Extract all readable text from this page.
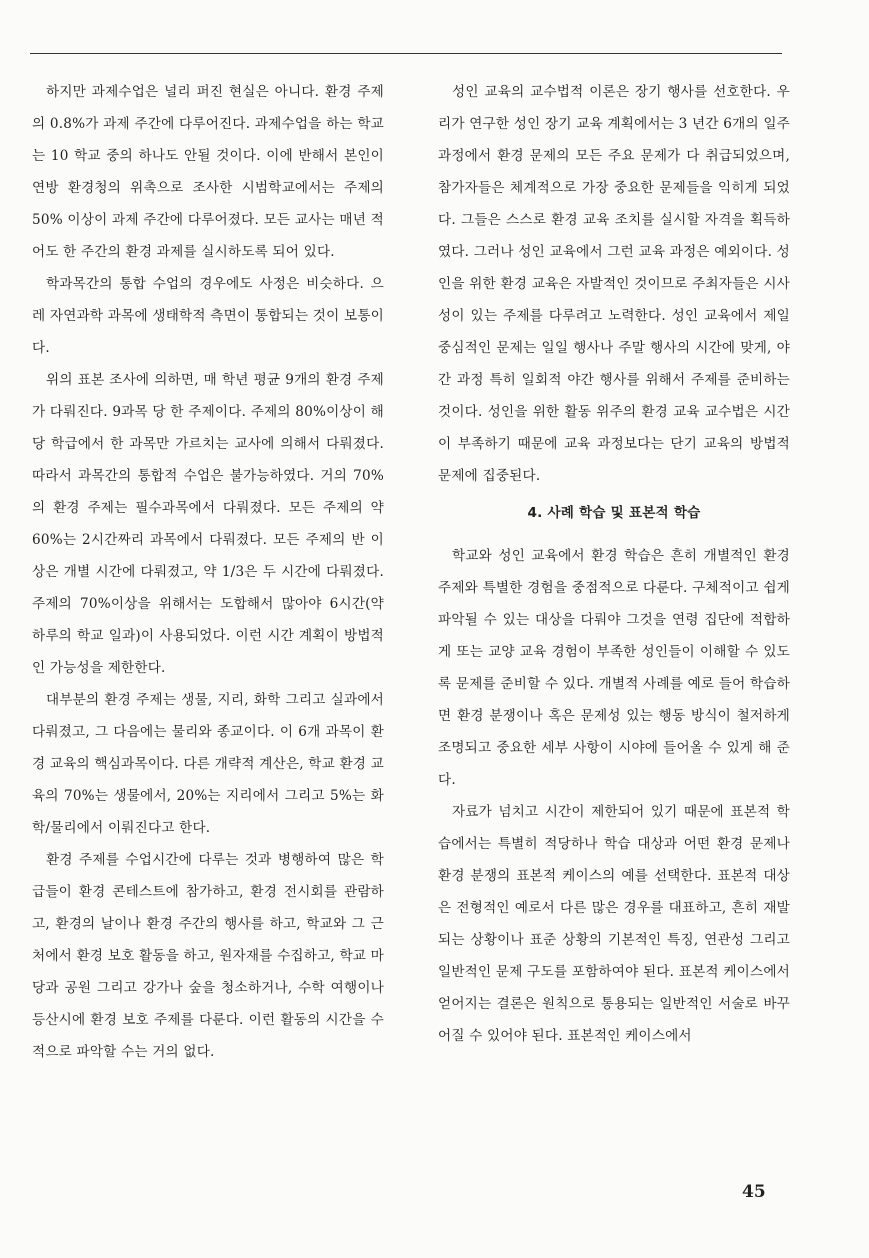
하지만 과제수업은 널리 퍼진 현실은 아니다. 환경 주제의 0.8%가 과제 주간에 다루어진다. 과제수업을 하는 학교는 10 학교 중의 하나도 안될 것이다. 이에 반해서 본인이 연방 환경청의 위촉으로 조사한 시범학교에서는 주제의 50% 이상이 과제 주간에 다루어졌다. 모든 교사는 매년 적어도 한 주간의 환경 과제를 실시하도록 되어 있다.

학과목간의 통합 수업의 경우에도 사정은 비슷하다. 으레 자연과학 과목에 생태학적 측면이 통합되는 것이 보통이다.

위의 표본 조사에 의하면, 매 학년 평균 9개의 환경 주제가 다뤄진다. 9과목 당 한 주제이다. 주제의 80%이상이 해당 학급에서 한 과목만 가르치는 교사에 의해서 다뤄졌다. 따라서 과목간의 통합적 수업은 불가능하였다. 거의 70%의 환경 주제는 필수과목에서 다뤄졌다. 모든 주제의 약 60%는 2시간짜리 과목에서 다뤄졌다. 모든 주제의 반 이상은 개별 시간에 다뤄졌고, 약 1/3은 두 시간에 다뤄졌다. 주제의 70%이상을 위해서는 도합해서 많아야 6시간(약 하루의 학교 일과)이 사용되었다. 이런 시간 계획이 방법적인 가능성을 제한한다.

대부분의 환경 주제는 생물, 지리, 화학 그리고 실과에서 다뤄졌고, 그 다음에는 물리와 종교이다. 이 6개 과목이 환경 교육의 핵심과목이다. 다른 개략적 계산은, 학교 환경 교육의 70%는 생물에서, 20%는 지리에서 그리고 5%는 화학/물리에서 이뤄진다고 한다.

환경 주제를 수업시간에 다루는 것과 병행하여 많은 학급들이 환경 콘테스트에 참가하고, 환경 전시회를 관람하고, 환경의 날이나 환경 주간의 행사를 하고, 학교와 그 근처에서 환경 보호 활동을 하고, 원자재를 수집하고, 학교 마당과 공원 그리고 강가나 숲을 청소하거나, 수학 여행이나 등산시에 환경 보호 주제를 다룬다. 이런 활동의 시간을 수적으로 파악할 수는 거의 없다.

성인 교육의 교수법적 이론은 장기 행사를 선호한다. 우리가 연구한 성인 장기 교육 계획에서는 3 년간 6개의 일주 과정에서 환경 문제의 모든 주요 문제가 다 취급되었으며, 참가자들은 체계적으로 가장 중요한 문제들을 익히게 되었다. 그들은 스스로 환경 교육 조치를 실시할 자격을 획득하였다. 그러나 성인 교육에서 그런 교육 과정은 예외이다. 성인을 위한 환경 교육은 자발적인 것이므로 주최자들은 시사성이 있는 주제를 다루려고 노력한다. 성인 교육에서 제일 중심적인 문제는 일일 행사나 주말 행사의 시간에 맞게, 야간 과정 특히 일회적 야간 행사를 위해서 주제를 준비하는 것이다. 성인을 위한 활동 위주의 환경 교육 교수법은 시간이 부족하기 때문에 교육 과정보다는 단기 교육의 방법적 문제에 집중된다.

4. 사례 학습 및 표본적 학습

학교와 성인 교육에서 환경 학습은 흔히 개별적인 환경 주제와 특별한 경험을 중점적으로 다룬다. 구체적이고 쉽게 파악될 수 있는 대상을 다뤄야 그것을 연령 집단에 적합하게 또는 교양 교육 경험이 부족한 성인들이 이해할 수 있도록 문제를 준비할 수 있다. 개별적 사례를 예로 들어 학습하면 환경 분쟁이나 혹은 문제성 있는 행동 방식이 철저하게 조명되고 중요한 세부 사항이 시야에 들어올 수 있게 해 준다.

자료가 넘치고 시간이 제한되어 있기 때문에 표본적 학습에서는 특별히 적당하나 학습 대상과 어떤 환경 문제나 환경 분쟁의 표본적 케이스의 예를 선택한다. 표본적 대상은 전형적인 예로서 다른 많은 경우를 대표하고, 흔히 재발되는 상황이나 표준 상황의 기본적인 특징, 연관성 그리고 일반적인 문제 구도를 포함하여야 된다. 표본적 케이스에서 얻어지는 결론은 원칙으로 통용되는 일반적인 서술로 바꾸어질 수 있어야 된다. 표본적인 케이스에서

45
